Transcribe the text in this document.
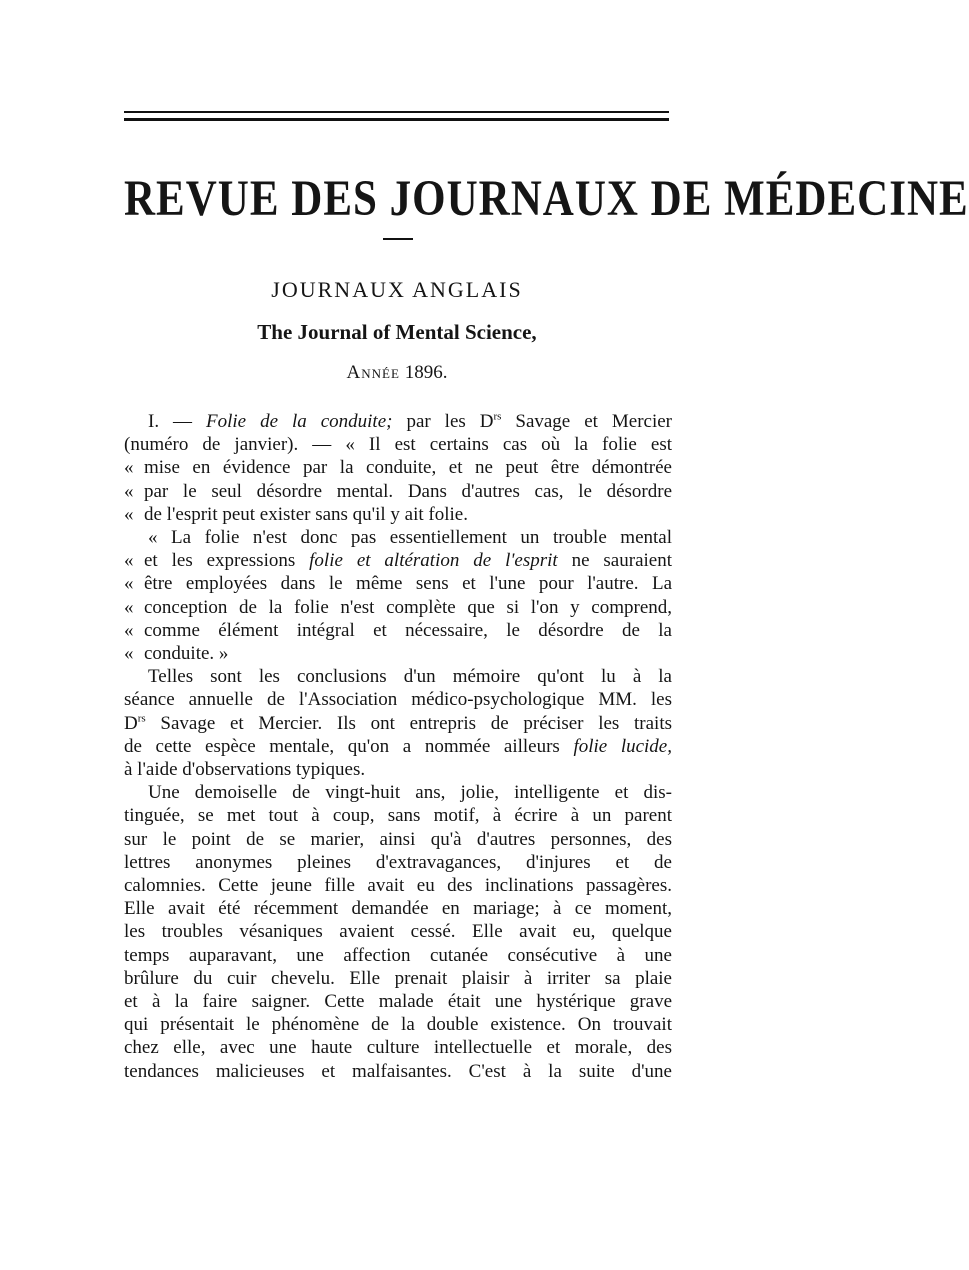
REVUE DES JOURNAUX DE MÉDECINE
JOURNAUX ANGLAIS
The Journal of Mental Science,
Année 1896.

I. — Folie de la conduite; par les $D^{rs}$ Savage et Mercier

(numéro de janvier). — « Il est certains cas où la folie est

« mise en évidence par la conduite, et ne peut être démontrée

« par le seul désordre mental. Dans d'autres cas, le désordre

« de l'esprit peut exister sans qu'il y ait folie.

« La folie n'est donc pas essentiellement un trouble mental

« et les expressions folie et altération de l'esprit ne sauraient

« être employées dans le même sens et l'une pour l'autre. La

« conception de la folie n'est complète que si l'on y comprend,

« comme élément intégral et nécessaire, le désordre de la

« conduite. »

Telles sont les conclusions d'un mémoire qu'ont lu à la

séance annuelle de l'Association médico-psychologique MM. les

$D^{rs}$ Savage et Mercier. Ils ont entrepris de préciser les traits

de cette espèce mentale, qu'on a nommée ailleurs folie lucide,

à l'aide d'observations typiques.

Une demoiselle de vingt-huit ans, jolie, intelligente et dis-

tinguée, se met tout à coup, sans motif, à écrire à un parent

sur le point de se marier, ainsi qu'à d'autres personnes, des

lettres anonymes pleines d'extravagances, d'injures et de

calomnies. Cette jeune fille avait eu des inclinations passagères.

Elle avait été récemment demandée en mariage; à ce moment,

les troubles vésaniques avaient cessé. Elle avait eu, quelque

temps auparavant, une affection cutanée consécutive à une

brûlure du cuir chevelu. Elle prenait plaisir à irriter sa plaie

et à la faire saigner. Cette malade était une hystérique grave

qui présentait le phénomène de la double existence. On trouvait

chez elle, avec une haute culture intellectuelle et morale, des

tendances malicieuses et malfaisantes. C'est à la suite d'une
